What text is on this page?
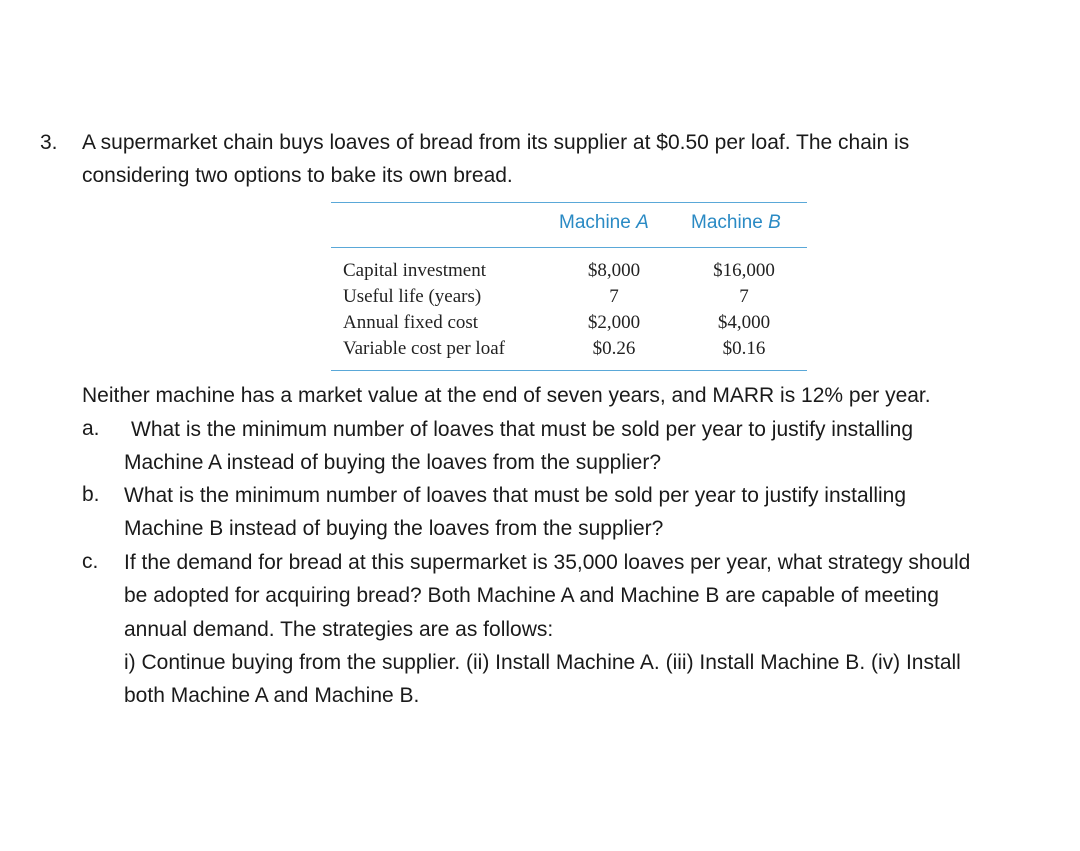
3. A supermarket chain buys loaves of bread from its supplier at $0.50 per loaf. The chain is
considering two options to bake its own bread.
Machine A Machine B
Capital investment	$8,000	$16,000
Useful life (years)	7	7
Annual fixed cost	$2,000	$4,000
Variable cost per loaf	$0.26	$0.16
Neither machine has a market value at the end of seven years, and MARR is 12% per year.
a. What is the minimum number of loaves that must be sold per year to justify installing
Machine A instead of buying the loaves from the supplier?
b. What is the minimum number of loaves that must be sold per year to justify installing
Machine B instead of buying the loaves from the supplier?
c. If the demand for bread at this supermarket is 35,000 loaves per year, what strategy should
be adopted for acquiring bread? Both Machine A and Machine B are capable of meeting
annual demand. The strategies are as follows:
i) Continue buying from the supplier. (ii) Install Machine A. (iii) Install Machine B. (iv) Install
both Machine A and Machine B.
